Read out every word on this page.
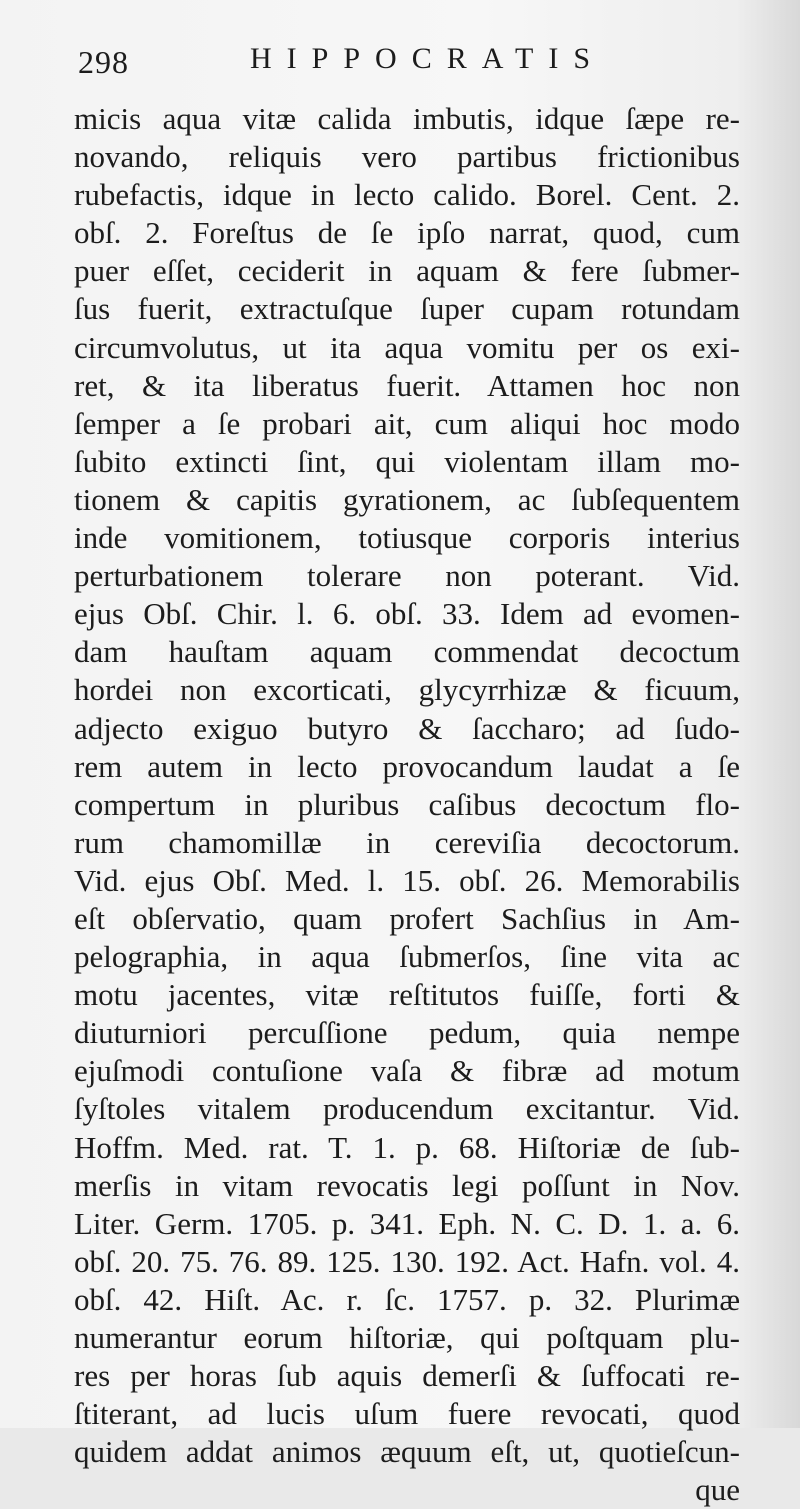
298	HIPPOCRATIS
micis aqua vitæ calida imbutis, idque ſæpe re-
novando, reliquis vero partibus frictionibus
rubefactis, idque in lecto calido. Borel. Cent. 2.
obſ. 2. Foreſtus de ſe ipſo narrat, quod, cum
puer eſſet, ceciderit in aquam & fere ſubmer-
ſus fuerit, extractuſque ſuper cupam rotundam
circumvolutus, ut ita aqua vomitu per os exi-
ret, & ita liberatus fuerit. Attamen hoc non
ſemper a ſe probari ait, cum aliqui hoc modo
ſubito extincti ſint, qui violentam illam mo-
tionem & capitis gyrationem, ac ſubſequentem
inde vomitionem, totiusque corporis interius
perturbationem tolerare non poterant. Vid.
ejus Obſ. Chir. l. 6. obſ. 33. Idem ad evomen-
dam hauſtam aquam commendat decoctum
hordei non excorticati, glycyrrhizæ & ficuum,
adjecto exiguo butyro & ſaccharo; ad ſudo-
rem autem in lecto provocandum laudat a ſe
compertum in pluribus caſibus decoctum flo-
rum chamomillæ in cereviſia decoctorum.
Vid. ejus Obſ. Med. l. 15. obſ. 26. Memorabilis
eſt obſervatio, quam profert Sachſius in Am-
pelographia, in aqua ſubmerſos, ſine vita ac
motu jacentes, vitæ reſtitutos fuiſſe, forti &
diuturniori percuſſione pedum, quia nempe
ejuſmodi contuſione vaſa & fibræ ad motum
ſyſtoles vitalem producendum excitantur. Vid.
Hoffm. Med. rat. T. 1. p. 68. Hiſtoriæ de ſub-
merſis in vitam revocatis legi poſſunt in Nov.
Liter. Germ. 1705. p. 341. Eph. N. C. D. 1. a. 6.
obſ. 20. 75. 76. 89. 125. 130. 192. Act. Hafn. vol. 4.
obſ. 42. Hiſt. Ac. r. ſc. 1757. p. 32. Plurimæ
numerantur eorum hiſtoriæ, qui poſtquam plu-
res per horas ſub aquis demerſi & ſuffocati re-
ſtiterant, ad lucis uſum fuere revocati, quod
quidem addat animos æquum eſt, ut, quotieſcun-
que
